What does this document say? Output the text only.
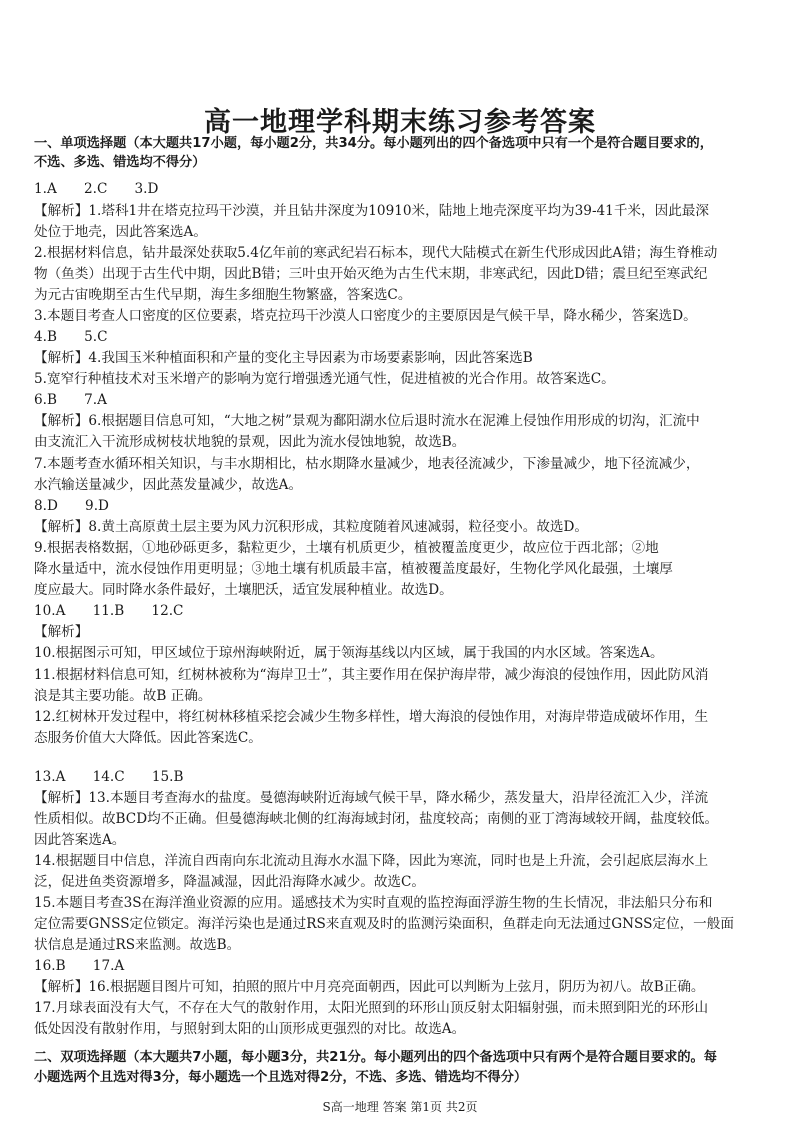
高一地理学科期末练习参考答案
一、单项选择题（本大题共17小题，每小题2分，共34分。每小题列出的四个备选项中只有一个是符合题目要求的，
不选、多选、错选均不得分）
1.A　　2.C　　3.D
【解析】1.塔科1井在塔克拉玛干沙漠，并且钻井深度为10910米，陆地上地壳深度平均为39-41千米，因此最深
处位于地壳，因此答案选A。
2.根据材料信息，钻井最深处获取5.4亿年前的寒武纪岩石标本，现代大陆模式在新生代形成因此A错；海生脊椎动
物（鱼类）出现于古生代中期，因此B错；三叶虫开始灭绝为古生代末期，非寒武纪，因此D错；震旦纪至寒武纪
为元古宙晚期至古生代早期，海生多细胞生物繁盛，答案选C。
3.本题目考查人口密度的区位要素，塔克拉玛干沙漠人口密度少的主要原因是气候干旱，降水稀少，答案选D。
4.B　　5.C
【解析】4.我国玉米种植面积和产量的变化主导因素为市场要素影响，因此答案选B
5.宽窄行种植技术对玉米增产的影响为宽行增强透光通气性，促进植被的光合作用。故答案选C。
6.B　　7.A
【解析】6.根据题目信息可知，“大地之树”景观为鄱阳湖水位后退时流水在泥滩上侵蚀作用形成的切沟，汇流中
由支流汇入干流形成树枝状地貌的景观，因此为流水侵蚀地貌，故选B。
7.本题考查水循环相关知识，与丰水期相比，枯水期降水量减少，地表径流减少，下渗量减少，地下径流减少，
水汽输送量减少，因此蒸发量减少，故选A。
8.D　　9.D
【解析】8.黄土高原黄土层主要为风力沉积形成，其粒度随着风速减弱，粒径变小。故选D。
9.根据表格数据，①地砂砾更多，黏粒更少，土壤有机质更少，植被覆盖度更少，故应位于西北部；②地
降水量适中，流水侵蚀作用更明显；③地土壤有机质最丰富，植被覆盖度最好，生物化学风化最强，土壤厚
度应最大。同时降水条件最好，土壤肥沃，适宜发展种植业。故选D。
10.A　　11.B　　12.C
【解析】
10.根据图示可知，甲区域位于琼州海峡附近，属于领海基线以内区域，属于我国的内水区域。答案选A。
11.根据材料信息可知，红树林被称为“海岸卫士”，其主要作用在保护海岸带，减少海浪的侵蚀作用，因此防风消
浪是其主要功能。故B 正确。
12.红树林开发过程中，将红树林移植采挖会减少生物多样性，增大海浪的侵蚀作用，对海岸带造成破坏作用，生
态服务价值大大降低。因此答案选C。
13.A　　14.C　　15.B
【解析】13.本题目考查海水的盐度。曼德海峡附近海域气候干旱，降水稀少，蒸发量大，沿岸径流汇入少，洋流
性质相似。故BCD均不正确。但曼德海峡北侧的红海海域封闭，盐度较高；南侧的亚丁湾海域较开阔，盐度较低。
因此答案选A。
14.根据题目中信息，洋流自西南向东北流动且海水水温下降，因此为寒流，同时也是上升流，会引起底层海水上
泛，促进鱼类资源增多，降温减湿，因此沿海降水减少。故选C。
15.本题目考查3S在海洋渔业资源的应用。遥感技术为实时直观的监控海面浮游生物的生长情况，非法船只分布和
定位需要GNSS定位锁定。海洋污染也是通过RS来直观及时的监测污染面积，鱼群走向无法通过GNSS定位，一般面
状信息是通过RS来监测。故选B。
16.B　　17.A
【解析】16.根据题目图片可知，拍照的照片中月亮亮面朝西，因此可以判断为上弦月，阴历为初八。故B正确。
17.月球表面没有大气，不存在大气的散射作用，太阳光照到的环形山顶反射太阳辐射强，而未照到阳光的环形山
低处因没有散射作用，与照射到太阳的山顶形成更强烈的对比。故选A。
二、双项选择题（本大题共7小题，每小题3分，共21分。每小题列出的四个备选项中只有两个是符合题目要求的。每
小题选两个且选对得3分，每小题选一个且选对得2分，不选、多选、错选均不得分）
S高一地理 答案 第1页 共2页
